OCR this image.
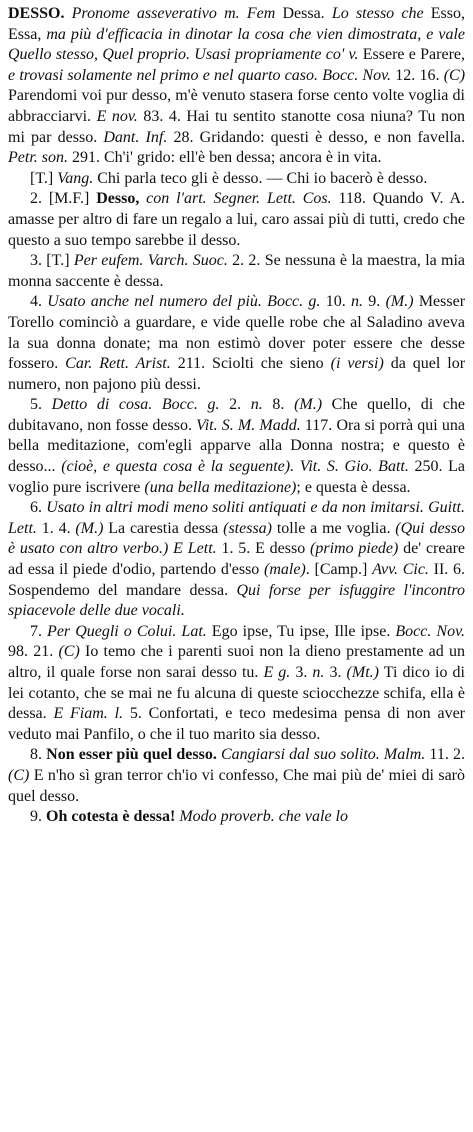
DESSO. Pronome asseverativo m. Fem Dessa. Lo stesso che Esso, Essa, ma più d'efficacia in dinotar la cosa che vien dimostrata, e vale Quello stesso, Quel proprio. Usasi propriamente co' v. Essere e Parere, e trovasi solamente nel primo e nel quarto caso. Bocc. Nov. 12. 16. (C) Parendomi voi pur desso, m'è venuto stasera forse cento volte voglia di abbracciarvi. E nov. 83. 4. Hai tu sentito stanotte cosa niuna? Tu non mi par desso. Dant. Inf. 28. Gridando: questi è desso, e non favella. Petr. son. 291. Ch'i' grido: ell'è ben dessa; ancora è in vita.

[T.] Vang. Chi parla teco gli è desso. — Chi io bacerò è desso.

2. [M.F.] Desso, con l'art. Segner. Lett. Cos. 118. Quando V. A. amasse per altro di fare un regalo a lui, caro assai più di tutti, credo che questo a suo tempo sarebbe il desso.

3. [T.] Per eufem. Varch. Suoc. 2. 2. Se nessuna è la maestra, la mia monna saccente è dessa.

4. Usato anche nel numero del più. Bocc. g. 10. n. 9. (M.) Messer Torello cominciò a guardare, e vide quelle robe che al Saladino aveva la sua donna donate; ma non estimò dover poter essere che desse fossero. Car. Rett. Arist. 211. Sciolti che sieno (i versi) da quel lor numero, non pajono più dessi.

5. Detto di cosa. Bocc. g. 2. n. 8. (M.) Che quello, di che dubitavano, non fosse desso. Vit. S. M. Madd. 117. Ora si porrà qui una bella meditazione, com'egli apparve alla Donna nostra; e questo è desso... (cioè, e questa cosa è la seguente). Vit. S. Gio. Batt. 250. La voglio pure iscrivere (una bella meditazione); e questa è dessa.

6. Usato in altri modi meno soliti antiquati e da non imitarsi. Guitt. Lett. 1. 4. (M.) La carestia dessa (stessa) tolle a me voglia. (Qui desso è usato con altro verbo.) E Lett. 1. 5. E desso (primo piede) de' creare ad essa il piede d'odio, partendo d'esso (male). [Camp.] Avv. Cic. II. 6. Sospendemo del mandare dessa. Qui forse per isfuggire l'incontro spiacevole delle due vocali.

7. Per Quegli o Colui. Lat. Ego ipse, Tu ipse, Ille ipse. Bocc. Nov. 98. 21. (C) Io temo che i parenti suoi non la dieno prestamente ad un altro, il quale forse non sarai desso tu. E g. 3. n. 3. (Mt.) Ti dico io di lei cotanto, che se mai ne fu alcuna di queste sciocchezze schifa, ella è dessa. E Fiam. l. 5. Confortati, e teco medesima pensa di non aver veduto mai Panfilo, o che il tuo marito sia desso.

8. Non esser più quel desso. Cangiarsi dal suo solito. Malm. 11. 2. (C) E n'ho sì gran terror ch'io vi confesso, Che mai più de' miei di sarò quel desso.

9. Oh cotesta è dessa! Modo proverb. che vale lo
